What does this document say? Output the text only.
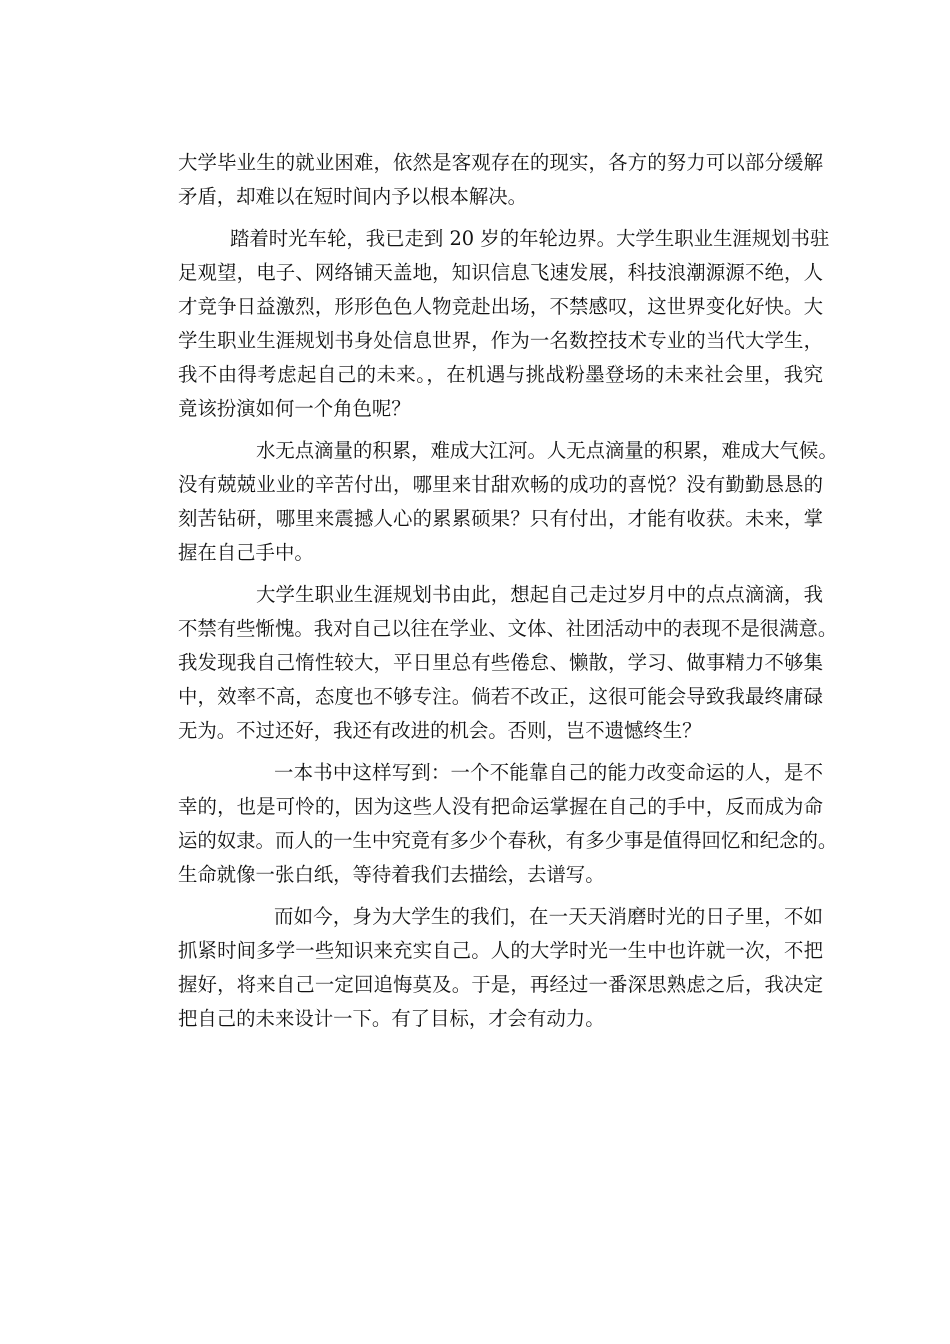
大学毕业生的就业困难，依然是客观存在的现实，各方的努力可以部分缓解
矛盾，却难以在短时间内予以根本解决。
踏着时光车轮，我已走到 20 岁的年轮边界。大学生职业生涯规划书驻
足观望，电子、网络铺天盖地，知识信息飞速发展，科技浪潮源源不绝，人
才竞争日益激烈，形形色色人物竞赴出场，不禁感叹，这世界变化好快。大
学生职业生涯规划书身处信息世界，作为一名数控技术专业的当代大学生，
我不由得考虑起自己的未来。，在机遇与挑战粉墨登场的未来社会里，我究
竟该扮演如何一个角色呢？
水无点滴量的积累，难成大江河。人无点滴量的积累，难成大气候。
没有兢兢业业的辛苦付出，哪里来甘甜欢畅的成功的喜悦？没有勤勤恳恳的
刻苦钻研，哪里来震撼人心的累累硕果？只有付出，才能有收获。未来，掌
握在自己手中。
大学生职业生涯规划书由此，想起自己走过岁月中的点点滴滴，我
不禁有些惭愧。我对自己以往在学业、文体、社团活动中的表现不是很满意。
我发现我自己惰性较大，平日里总有些倦怠、懒散，学习、做事精力不够集
中，效率不高，态度也不够专注。倘若不改正，这很可能会导致我最终庸碌
无为。不过还好，我还有改进的机会。否则，岂不遗憾终生？
一本书中这样写到：一个不能靠自己的能力改变命运的人，是不
幸的，也是可怜的，因为这些人没有把命运掌握在自己的手中，反而成为命
运的奴隶。而人的一生中究竟有多少个春秋，有多少事是值得回忆和纪念的。
生命就像一张白纸，等待着我们去描绘，去谱写。
而如今，身为大学生的我们，在一天天消磨时光的日子里，不如
抓紧时间多学一些知识来充实自己。人的大学时光一生中也许就一次，不把
握好，将来自己一定回追悔莫及。于是，再经过一番深思熟虑之后，我决定
把自己的未来设计一下。有了目标，才会有动力。
